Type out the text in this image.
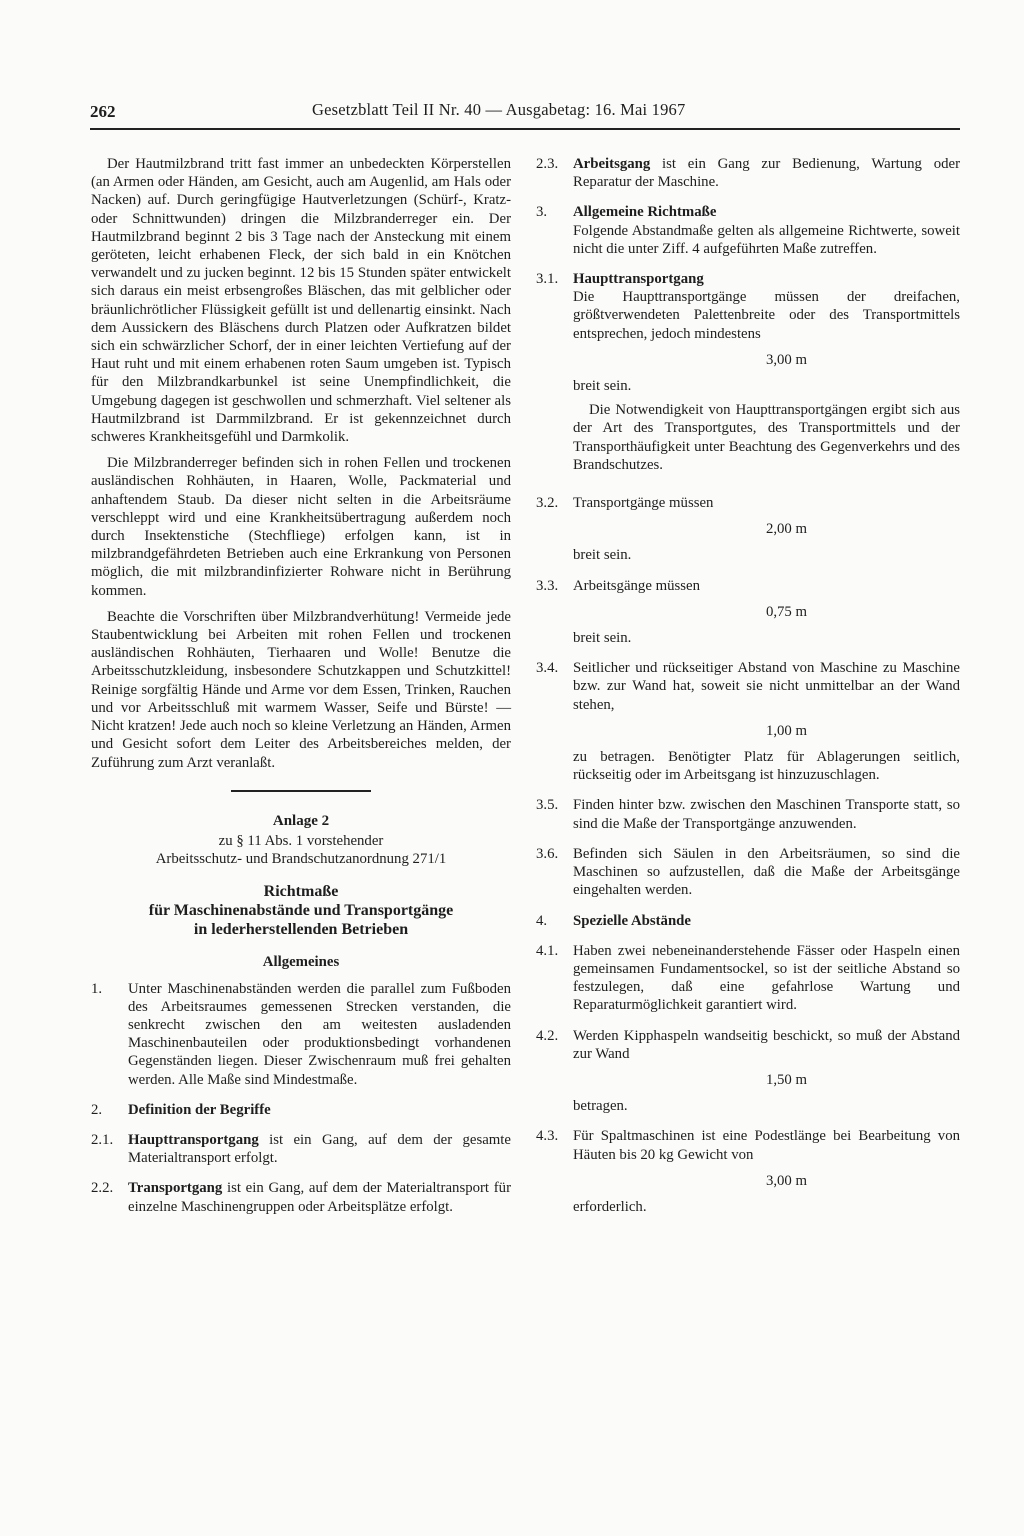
262	Gesetzblatt Teil II Nr. 40 — Ausgabetag: 16. Mai 1967

Der Hautmilzbrand tritt fast immer an unbedeckten Körperstellen (an Armen oder Händen, am Gesicht, auch am Augenlid, am Hals oder Nacken) auf. Durch geringfügige Hautverletzungen (Schürf-, Kratz- oder Schnittwunden) dringen die Milzbranderreger ein. Der Hautmilzbrand beginnt 2 bis 3 Tage nach der Ansteckung mit einem geröteten, leicht erhabenen Fleck, der sich bald in ein Knötchen verwandelt und zu jucken beginnt. 12 bis 15 Stunden später entwickelt sich daraus ein meist erbsengroßes Bläschen, das mit gelblicher oder bräunlichrötlicher Flüssigkeit gefüllt ist und dellenartig einsinkt. Nach dem Aussickern des Bläschens durch Platzen oder Aufkratzen bildet sich ein schwärzlicher Schorf, der in einer leichten Vertiefung auf der Haut ruht und mit einem erhabenen roten Saum umgeben ist. Typisch für den Milzbrandkarbunkel ist seine Unempfindlichkeit, die Umgebung dagegen ist geschwollen und schmerzhaft. Viel seltener als Hautmilzbrand ist Darmmilzbrand. Er ist gekennzeichnet durch schweres Krankheitsgefühl und Darmkolik.

Die Milzbranderreger befinden sich in rohen Fellen und trockenen ausländischen Rohhäuten, in Haaren, Wolle, Packmaterial und anhaftendem Staub. Da dieser nicht selten in die Arbeitsräume verschleppt wird und eine Krankheitsübertragung außerdem noch durch Insektenstiche (Stechfliege) erfolgen kann, ist in milzbrandgefährdeten Betrieben auch eine Erkrankung von Personen möglich, die mit milzbrandinfizierter Rohware nicht in Berührung kommen.

Beachte die Vorschriften über Milzbrandverhütung! Vermeide jede Staubentwicklung bei Arbeiten mit rohen Fellen und trockenen ausländischen Rohhäuten, Tierhaaren und Wolle! Benutze die Arbeitsschutzkleidung, insbesondere Schutzkappen und Schutzkittel! Reinige sorgfältig Hände und Arme vor dem Essen, Trinken, Rauchen und vor Arbeitsschluß mit warmem Wasser, Seife und Bürste! — Nicht kratzen! Jede auch noch so kleine Verletzung an Händen, Armen und Gesicht sofort dem Leiter des Arbeitsbereiches melden, der Zuführung zum Arzt veranlaßt.

Anlage 2
zu § 11 Abs. 1 vorstehender
Arbeitsschutz- und Brandschutzanordnung 271/1
Richtmaße
für Maschinenabstände und Transportgänge
in lederherstellenden Betrieben
Allgemeines
1.	Unter Maschinenabständen werden die parallel zum Fußboden des Arbeitsraumes gemessenen Strecken verstanden, die senkrecht zwischen den am weitesten ausladenden Maschinenbauteilen oder produktionsbedingt vorhandenen Gegenständen liegen. Dieser Zwischenraum muß frei gehalten werden. Alle Maße sind Mindestmaße.

2.	Definition der Begriffe
2.1. Haupttransportgang ist ein Gang, auf dem der gesamte Materialtransport erfolgt.

2.2. Transportgang ist ein Gang, auf dem der Materialtransport für einzelne Maschinengruppen oder Arbeitsplätze erfolgt.

2.3. Arbeitsgang ist ein Gang zur Bedienung, Wartung oder Reparatur der Maschine.

3.	Allgemeine Richtmaße

Folgende Abstandmaße gelten als allgemeine Richtwerte, soweit nicht die unter Ziff. 4 aufgeführten Maße zutreffen.

3.1. Haupttransportgang

Die Haupttransportgänge müssen der dreifachen, größtverwendeten Palettenbreite oder des Transportmittels entsprechen, jedoch mindestens

3,00 m

breit sein.

Die Notwendigkeit von Haupttransportgängen ergibt sich aus der Art des Transportgutes, des Transportmittels und der Transporthäufigkeit unter Beachtung des Gegenverkehrs und des Brandschutzes.

3.2. Transportgänge müssen

2,00 m

breit sein.

3.3. Arbeitsgänge müssen

0,75 m

breit sein.

3.4. Seitlicher und rückseitiger Abstand von Maschine zu Maschine bzw. zur Wand hat, soweit sie nicht unmittelbar an der Wand stehen,

1,00 m

zu betragen. Benötigter Platz für Ablagerungen seitlich, rückseitig oder im Arbeitsgang ist hinzuzuschlagen.

3.5. Finden hinter bzw. zwischen den Maschinen Transporte statt, so sind die Maße der Transportgänge anzuwenden.

3.6. Befinden sich Säulen in den Arbeitsräumen, so sind die Maschinen so aufzustellen, daß die Maße der Arbeitsgänge eingehalten werden.

4.	Spezielle Abstände
4.1. Haben zwei nebeneinanderstehende Fässer oder Haspeln einen gemeinsamen Fundamentsockel, so ist der seitliche Abstand so festzulegen, daß eine gefahrlose Wartung und Reparaturmöglichkeit garantiert wird.

4.2. Werden Kipphaspeln wandseitig beschickt, so muß der Abstand zur Wand

1,50 m

betragen.

4.3. Für Spaltmaschinen ist eine Podestlänge bei Bearbeitung von Häuten bis 20 kg Gewicht von

3,00 m

erforderlich.
